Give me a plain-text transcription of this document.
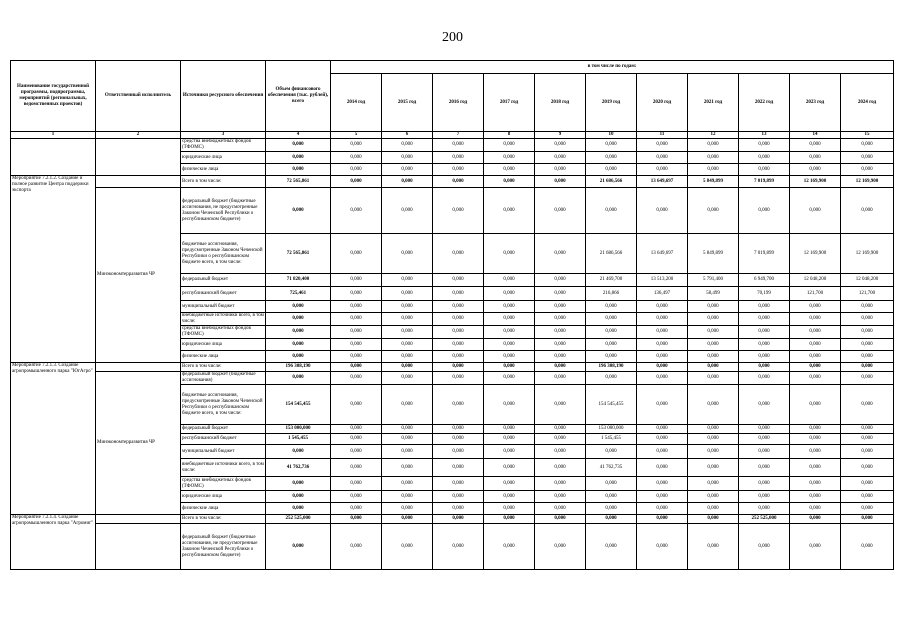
200
Наименование государственной программы, подпрограммы, мероприятий (региональных, ведомственных проектов)	Ответственный исполнитель	Источники ресурсного обеспечения	Объем финансового обеспечения (тыс. рублей), всего	в том числе по годам:										
				2014 год	2015 год	2016 год	2017 год	2018 год	2019 год	2020 год	2021 год	2022 год	2023 год	2024 год
1	2	3	4	5	6	7	8	9	10	11	12	13	14	15
		средства внебюджетных фондов (ТФОМС)	0,000	0,000	0,000	0,000	0,000	0,000	0,000	0,000	0,000	0,000	0,000	0,000
		юридические лица	0,000	0,000	0,000	0,000	0,000	0,000	0,000	0,000	0,000	0,000	0,000	0,000
		физические лица	0,000	0,000	0,000	0,000	0,000	0,000	0,000	0,000	0,000	0,000	0,000	0,000
Мероприятие 7.2.1.2. Создание и полное развитие Центра поддержки экспорта		Всего в том числе:	72 565,861	0,000	0,000	0,000	0,000	0,000	21 686,566	13 649,697	5 849,899	7 019,899	12 169,900	12 169,900
	Минэкономтерразвития ЧР	федеральный бюджет (бюджетные ассигнования, не предусмотренные Законом Чеченской Республики о республиканском бюджете)	0,000	0,000	0,000	0,000	0,000	0,000	0,000	0,000	0,000	0,000	0,000	0,000
		бюджетные ассигнования, предусмотренные Законом Чеченской Республики о республиканском бюджете всего, в том числе:	72 565,861	0,000	0,000	0,000	0,000	0,000	21 686,566	13 649,697	5 849,899	7 019,899	12 169,900	12 169,900
		федеральный бюджет	71 820,400	0,000	0,000	0,000	0,000	0,000	21 469,700	13 513,200	5 791,400	6 949,700	12 048,200	12 048,200
		республиканский бюджет	725,461	0,000	0,000	0,000	0,000	0,000	216,866	136,497	58,499	70,199	121,700	121,700
		муниципальный бюджет	0,000	0,000	0,000	0,000	0,000	0,000	0,000	0,000	0,000	0,000	0,000	0,000
		внебюджетные источники всего, в том числе:	0,000	0,000	0,000	0,000	0,000	0,000	0,000	0,000	0,000	0,000	0,000	0,000
		средства внебюджетных фондов (ТФОМС)	0,000	0,000	0,000	0,000	0,000	0,000	0,000	0,000	0,000	0,000	0,000	0,000
		юридические лица	0,000	0,000	0,000	0,000	0,000	0,000	0,000	0,000	0,000	0,000	0,000	0,000
		физические лица	0,000	0,000	0,000	0,000	0,000	0,000	0,000	0,000	0,000	0,000	0,000	0,000
Мероприятие 7.2.1.3. Создание агропромышленного парка "ЮгАгро"		Всего в том числе:	196 308,190	0,000	0,000	0,000	0,000	0,000	196 308,190	0,000	0,000	0,000	0,000	0,000
	Минэкономтерразвития ЧР	федеральный бюджет (бюджетные ассигнования)	0,000	0,000	0,000	0,000	0,000	0,000	0,000	0,000	0,000	0,000	0,000	0,000
		бюджетные ассигнования, предусмотренные Законом Чеченской Республики о республиканском бюджете всего, в том числе:	154 545,455	0,000	0,000	0,000	0,000	0,000	154 545,455	0,000	0,000	0,000	0,000	0,000
		федеральный бюджет	153 000,000	0,000	0,000	0,000	0,000	0,000	153 000,000	0,000	0,000	0,000	0,000	0,000
		республиканский бюджет	1 545,455	0,000	0,000	0,000	0,000	0,000	1 545,455	0,000	0,000	0,000	0,000	0,000
		муниципальный бюджет	0,000	0,000	0,000	0,000	0,000	0,000	0,000	0,000	0,000	0,000	0,000	0,000
		внебюджетные источники всего, в том числе:	41 762,736	0,000	0,000	0,000	0,000	0,000	41 762,735	0,000	0,000	0,000	0,000	0,000
		средства внебюджетных фондов (ТФОМС)	0,000	0,000	0,000	0,000	0,000	0,000	0,000	0,000	0,000	0,000	0,000	0,000
		юридические лица	0,000	0,000	0,000	0,000	0,000	0,000	0,000	0,000	0,000	0,000	0,000	0,000
		физические лица	0,000	0,000	0,000	0,000	0,000	0,000	0,000	0,000	0,000	0,000	0,000	0,000
Мероприятие 7.2.1.4. Создание агропромышленного парка "Агромиг"		Всего в том числе:	252 525,000	0,000	0,000	0,000	0,000	0,000	0,000	0,000	0,000	252 525,000	0,000	0,000
		федеральный бюджет (бюджетные ассигнования, не предусмотренные Законом Чеченской Республики о республиканском бюджете)	0,000	0,000	0,000	0,000	0,000	0,000	0,000	0,000	0,000	0,000	0,000	0,000
